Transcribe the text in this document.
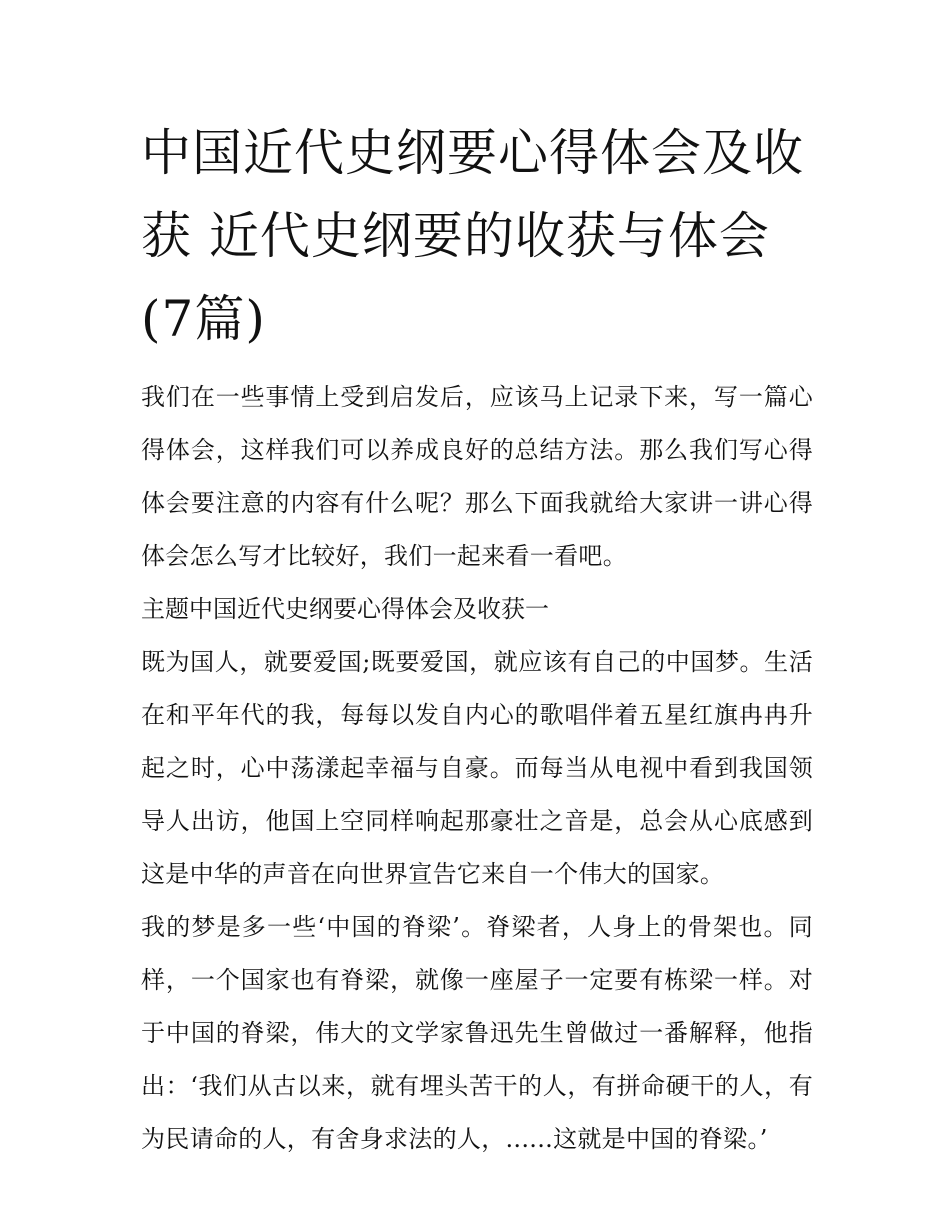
中国近代史纲要心得体会及收获 近代史纲要的收获与体会(7篇)

我们在一些事情上受到启发后，应该马上记录下来，写一篇心得体会，这样我们可以养成良好的总结方法。那么我们写心得体会要注意的内容有什么呢？那么下面我就给大家讲一讲心得体会怎么写才比较好，我们一起来看一看吧。

主题中国近代史纲要心得体会及收获一

既为国人，就要爱国;既要爱国，就应该有自己的中国梦。生活在和平年代的我，每每以发自内心的歌唱伴着五星红旗冉冉升起之时，心中荡漾起幸福与自豪。而每当从电视中看到我国领导人出访，他国上空同样响起那豪壮之音是，总会从心底感到这是中华的声音在向世界宣告它来自一个伟大的国家。

我的梦是多一些‘中国的脊梁’。脊梁者，人身上的骨架也。同样，一个国家也有脊梁，就像一座屋子一定要有栋梁一样。对于中国的脊梁，伟大的文学家鲁迅先生曾做过一番解释，他指出：‘我们从古以来，就有埋头苦干的人，有拼命硬干的人，有为民请命的人，有舍身求法的人，......这就是中国的脊梁。’
